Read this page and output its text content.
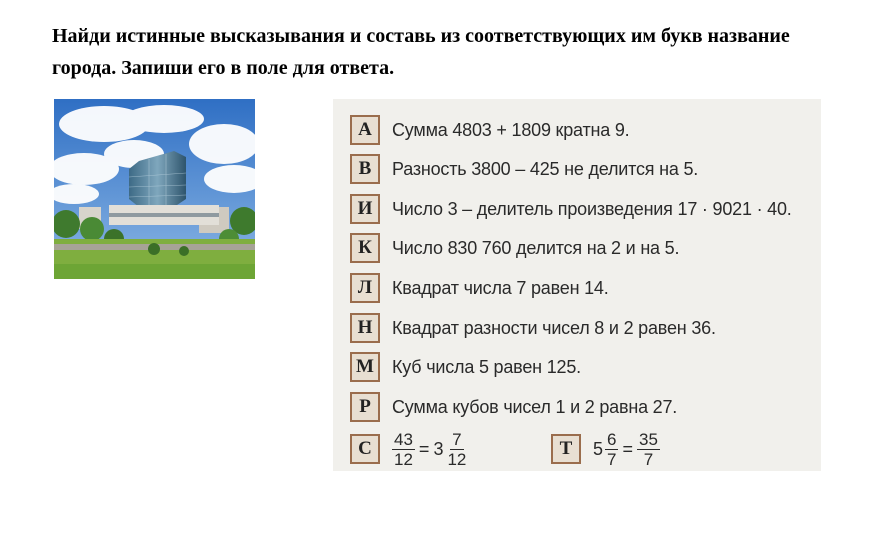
Найди истинные высказывания и составь из соответствующих им букв название города. Запиши его в поле для ответа.
А	Сумма 4803 + 1809 кратна 9.
В	Разность 3800 – 425 не делится на 5.
И	Число 3 – делитель произведения 17 · 9021 · 40.
К	Число 830 760 делится на 2 и на 5.
Л	Квадрат числа 7 равен 14.
Н	Квадрат разности чисел 8 и 2 равен 36.
М	Куб числа 5 равен 125.
Р	Сумма кубов чисел 1 и 2 равна 27.
С	$\frac{43}{12} = 3 \frac{7}{12}$	Т	$5 \frac{6}{7} = \frac{35}{7}$
